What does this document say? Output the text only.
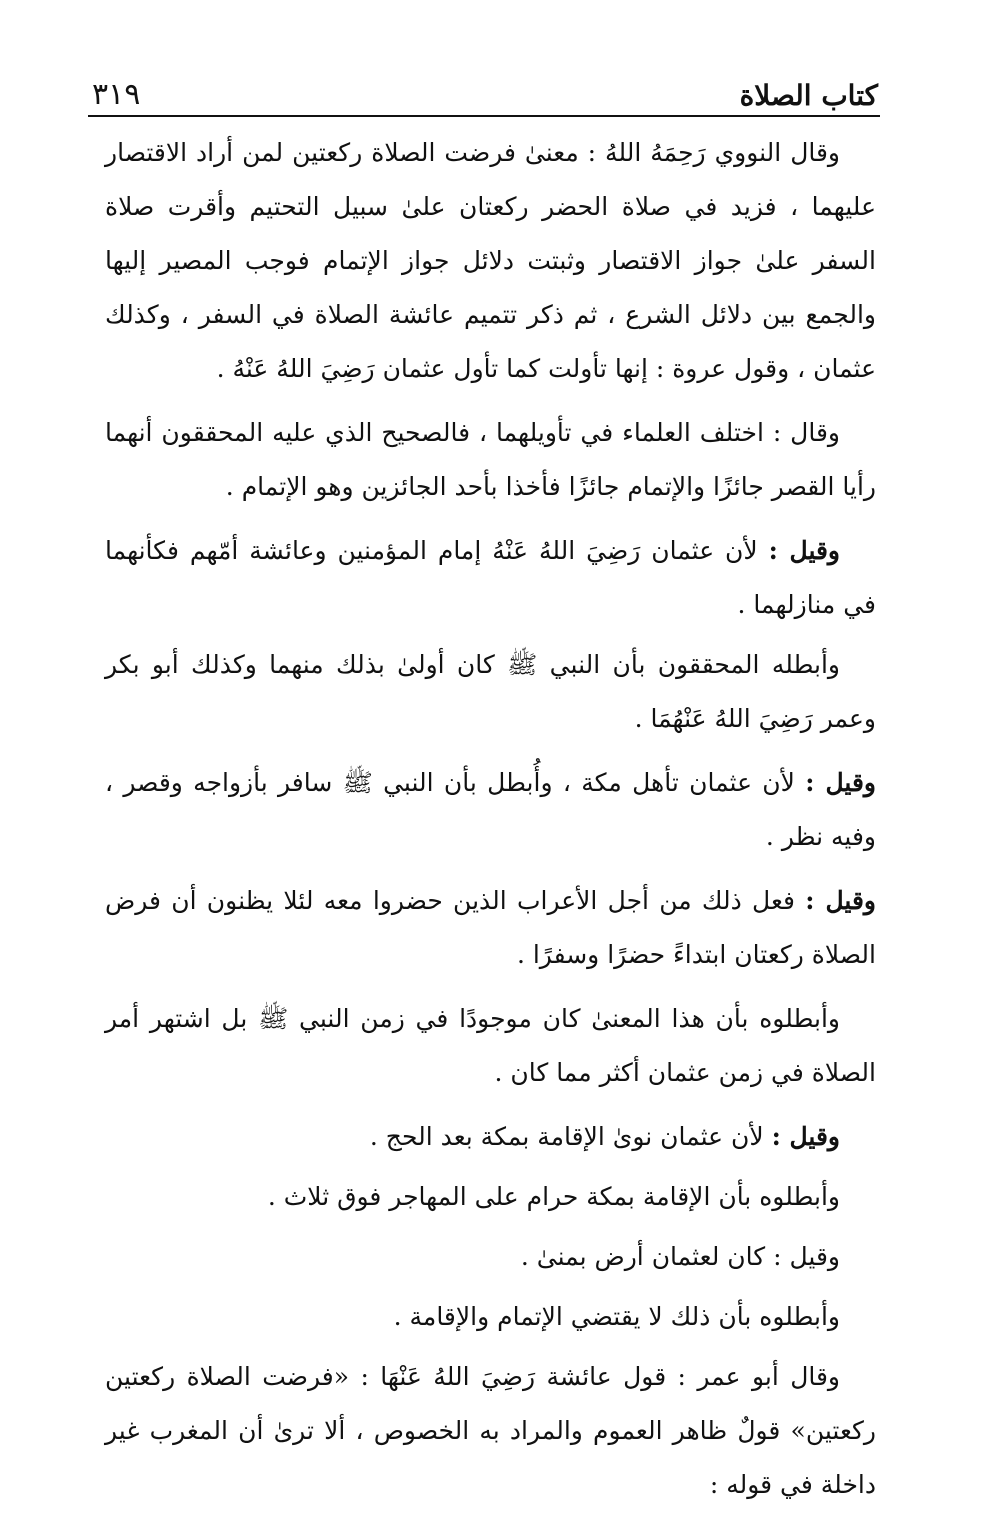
كتاب الصلاة
٣١٩

وقال النووي رَحِمَهُ اللهُ : معنىٰ فرضت الصلاة ركعتين لمن أراد الاقتصار عليهما ، فزيد في صلاة الحضر ركعتان علىٰ سبيل التحتيم وأقرت صلاة السفر علىٰ جواز الاقتصار وثبتت دلائل جواز الإتمام فوجب المصير إليها والجمع بين دلائل الشرع ، ثم ذكر تتميم عائشة الصلاة في السفر ، وكذلك عثمان ، وقول عروة : إنها تأولت كما تأول عثمان رَضِيَ اللهُ عَنْهُ .

وقال : اختلف العلماء في تأويلهما ، فالصحيح الذي عليه المحققون أنهما رأيا القصر جائزًا والإتمام جائزًا فأخذا بأحد الجائزين وهو الإتمام .

وقيل : لأن عثمان رَضِيَ اللهُ عَنْهُ إمام المؤمنين وعائشة أمّهم فكأنهما في منازلهما .

وأبطله المحققون بأن النبي ﷺ كان أولىٰ بذلك منهما وكذلك أبو بكر وعمر رَضِيَ اللهُ عَنْهُمَا .

وقيل : لأن عثمان تأهل مكة ، وأُبطل بأن النبي ﷺ سافر بأزواجه وقصر ، وفيه نظر .

وقيل : فعل ذلك من أجل الأعراب الذين حضروا معه لئلا يظنون أن فرض الصلاة ركعتان ابتداءً حضرًا وسفرًا .

وأبطلوه بأن هذا المعنىٰ كان موجودًا في زمن النبي ﷺ بل اشتهر أمر الصلاة في زمن عثمان أكثر مما كان .

وقيل : لأن عثمان نوىٰ الإقامة بمكة بعد الحج .

وأبطلوه بأن الإقامة بمكة حرام على المهاجر فوق ثلاث .

وقيل : كان لعثمان أرض بمنىٰ .

وأبطلوه بأن ذلك لا يقتضي الإتمام والإقامة .

وقال أبو عمر : قول عائشة رَضِيَ اللهُ عَنْهَا : «فرضت الصلاة ركعتين ركعتين» قولٌ ظاهر العموم والمراد به الخصوص ، ألا ترىٰ أن المغرب غير داخلة في قوله :
